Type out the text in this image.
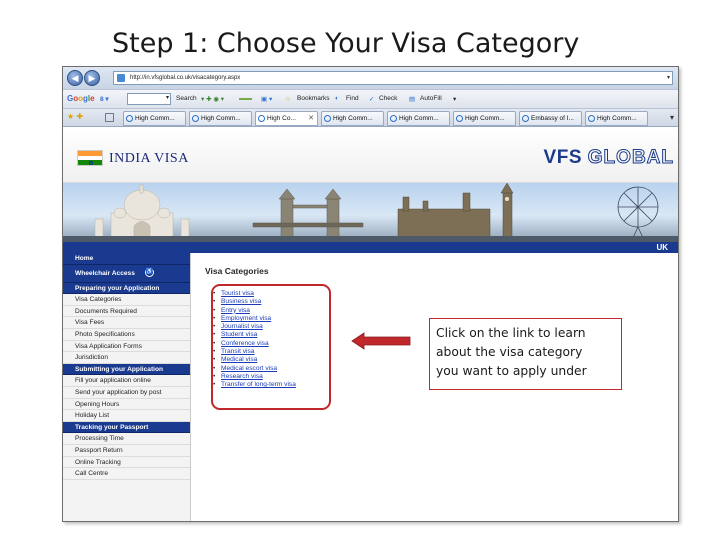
Step 1: Choose Your Visa Category
◀	▶	http://in.vfsglobal.co.uk/visacategory.aspx	▾
Google 8 ▾	▾ Search ▾ ✚ ◉ ▾ ▬▬ ▣ ▾ ☆ Bookmarks ◐ Find ✓ Check ▤ AutoFill ▾
★ ✚	▾
High Comm...	High Comm...	High Co... ✕	High Comm...	High Comm...	High Comm...	Embassy of I...	High Comm...
INDIA VISA	VFS GLOBAL
UK
Home
Wheelchair Access ♿
Preparing your Application
Visa Categories
Documents Required
Visa Fees
Photo Specifications
Visa Application Forms
Jurisdiction
Submitting your Application
Fill your application online
Send your application by post
Opening Hours
Holiday List
Tracking your Passport
Processing Time
Passport Return
Online Tracking
Call Centre
Visa Categories
• Tourist visa
• Business visa
• Entry visa
• Employment visa
• Journalist visa
• Student visa
• Conference visa
• Transit visa
• Medical visa
• Medical escort visa
• Research visa
• Transfer of long-term visa
Click on the link to learn
about the visa category
you want to apply under
